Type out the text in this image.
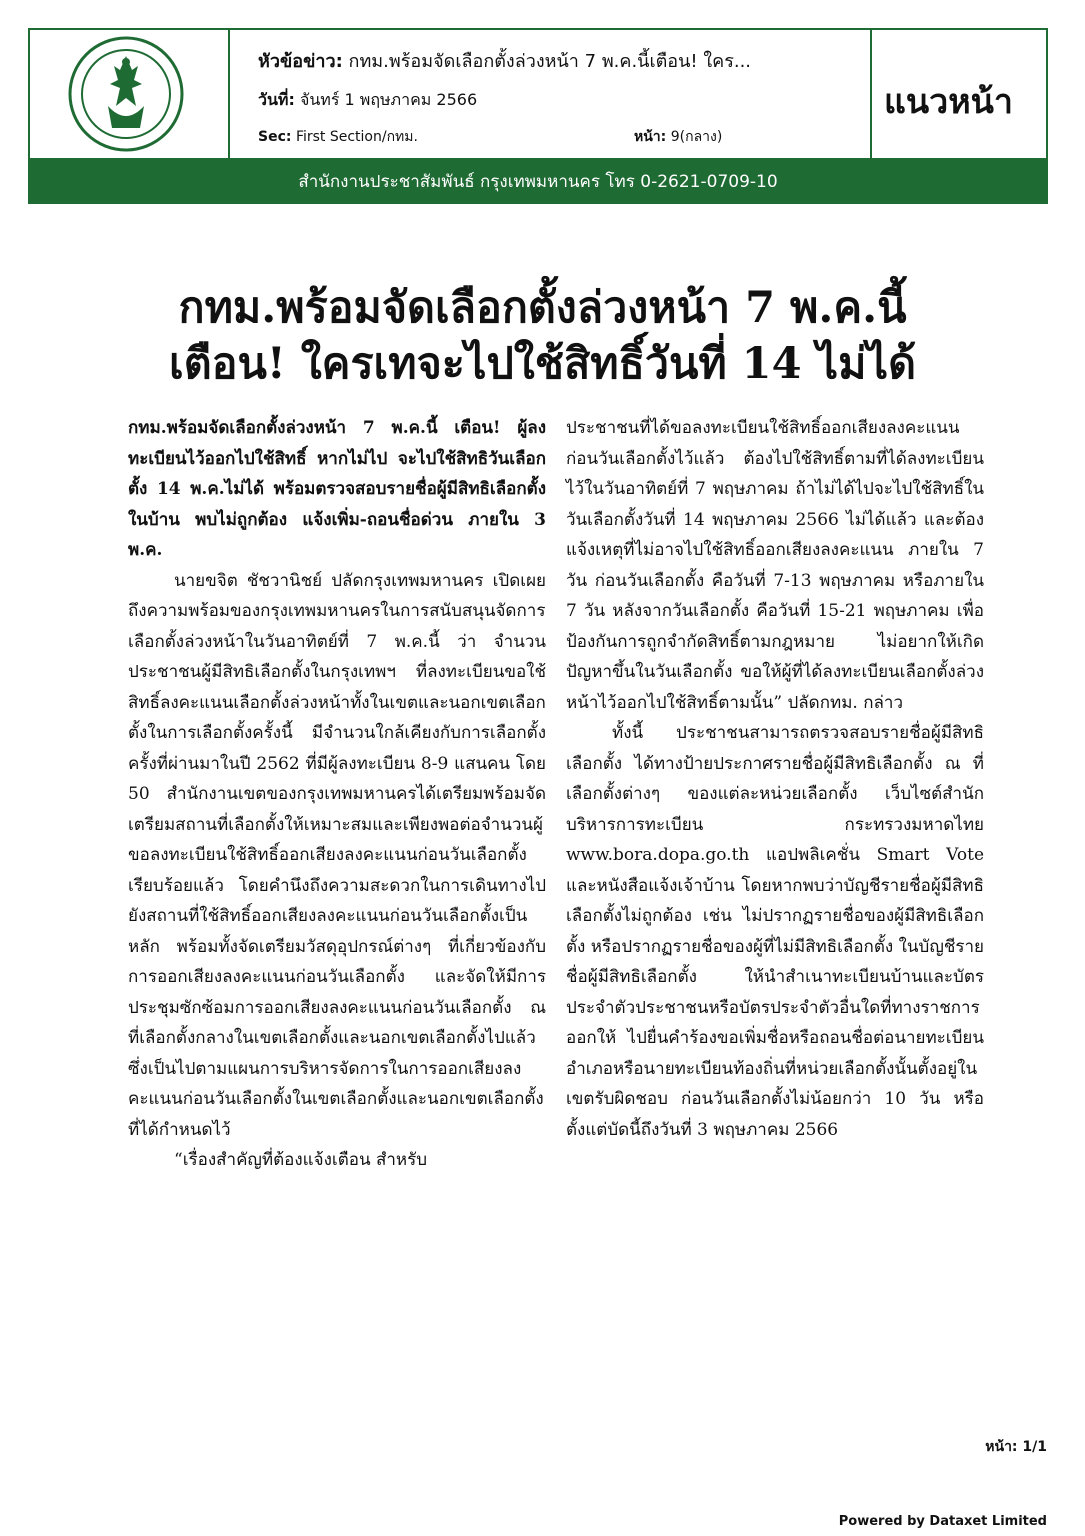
หัวข้อข่าว: กทม.พร้อมจัดเลือกตั้งล่วงหน้า 7 พ.ค.นี้เตือน! ใคร...
วันที่: จันทร์ 1 พฤษภาคม 2566
Sec: First Section/กทม.	หน้า: 9(กลาง)
แนวหน้า
สำนักงานประชาสัมพันธ์ กรุงเทพมหานคร โทร 0-2621-0709-10
กทม.พร้อมจัดเลือกตั้งล่วงหน้า 7 พ.ค.นี้
เตือน! ใครเทจะไปใช้สิทธิ์วันที่ 14 ไม่ได้

กทม.พร้อมจัดเลือกตั้งล่วงหน้า 7 พ.ค.นี้ เตือน! ผู้ลงทะเบียนไว้ออกไปใช้สิทธิ์ หากไม่ไป จะไปใช้สิทธิวันเลือกตั้ง 14 พ.ค.ไม่ได้ พร้อมตรวจสอบรายชื่อผู้มีสิทธิเลือกตั้งในบ้าน พบไม่ถูกต้อง แจ้งเพิ่ม-ถอนชื่อด่วน ภายใน 3 พ.ค.

นายขจิต ชัชวานิชย์ ปลัดกรุงเทพมหานคร เปิดเผยถึงความพร้อมของกรุงเทพมหานครในการสนับสนุนจัดการเลือกตั้งล่วงหน้าในวันอาทิตย์ที่ 7 พ.ค.นี้ ว่า จำนวนประชาชนผู้มีสิทธิเลือกตั้งในกรุงเทพฯ ที่ลงทะเบียนขอใช้สิทธิ์ลงคะแนนเลือกตั้งล่วงหน้าทั้งในเขตและนอกเขตเลือกตั้งในการเลือกตั้งครั้งนี้ มีจำนวนใกล้เคียงกับการเลือกตั้งครั้งที่ผ่านมาในปี 2562 ที่มีผู้ลงทะเบียน 8-9 แสนคน โดย 50 สำนักงานเขตของกรุงเทพมหานครได้เตรียมพร้อมจัดเตรียมสถานที่เลือกตั้งให้เหมาะสมและเพียงพอต่อจำนวนผู้ขอลงทะเบียนใช้สิทธิ์ออกเสียงลงคะแนนก่อนวันเลือกตั้งเรียบร้อยแล้ว โดยคำนึงถึงความสะดวกในการเดินทางไปยังสถานที่ใช้สิทธิ์ออกเสียงลงคะแนนก่อนวันเลือกตั้งเป็นหลัก พร้อมทั้งจัดเตรียมวัสดุอุปกรณ์ต่างๆ ที่เกี่ยวข้องกับการออกเสียงลงคะแนนก่อนวันเลือกตั้ง และจัดให้มีการประชุมซักซ้อมการออกเสียงลงคะแนนก่อนวันเลือกตั้ง ณ ที่เลือกตั้งกลางในเขตเลือกตั้งและนอกเขตเลือกตั้งไปแล้ว ซึ่งเป็นไปตามแผนการบริหารจัดการในการออกเสียงลงคะแนนก่อนวันเลือกตั้งในเขตเลือกตั้งและนอกเขตเลือกตั้งที่ได้กำหนดไว้

“เรื่องสำคัญที่ต้องแจ้งเตือน สำหรับ

ประชาชนที่ได้ขอลงทะเบียนใช้สิทธิ์ออกเสียงลงคะแนนก่อนวันเลือกตั้งไว้แล้ว ต้องไปใช้สิทธิ์ตามที่ได้ลงทะเบียนไว้ในวันอาทิตย์ที่ 7 พฤษภาคม ถ้าไม่ได้ไปจะไปใช้สิทธิ์ในวันเลือกตั้งวันที่ 14 พฤษภาคม 2566 ไม่ได้แล้ว และต้องแจ้งเหตุที่ไม่อาจไปใช้สิทธิ์ออกเสียงลงคะแนน ภายใน 7 วัน ก่อนวันเลือกตั้ง คือวันที่ 7-13 พฤษภาคม หรือภายใน 7 วัน หลังจากวันเลือกตั้ง คือวันที่ 15-21 พฤษภาคม เพื่อป้องกันการถูกจำกัดสิทธิ์ตามกฎหมาย ไม่อยากให้เกิดปัญหาขึ้นในวันเลือกตั้ง ขอให้ผู้ที่ได้ลงทะเบียนเลือกตั้งล่วงหน้าไว้ออกไปใช้สิทธิ์ตามนั้น” ปลัดกทม. กล่าว

ทั้งนี้ ประชาชนสามารถตรวจสอบรายชื่อผู้มีสิทธิเลือกตั้ง ได้ทางป้ายประกาศรายชื่อผู้มีสิทธิเลือกตั้ง ณ ที่เลือกตั้งต่างๆ ของแต่ละหน่วยเลือกตั้ง เว็บไซต์สำนักบริหารการทะเบียน กระทรวงมหาดไทย www.bora.dopa.go.th แอปพลิเคชั่น Smart Vote และหนังสือแจ้งเจ้าบ้าน โดยหากพบว่าบัญชีรายชื่อผู้มีสิทธิเลือกตั้งไม่ถูกต้อง เช่น ไม่ปรากฏรายชื่อของผู้มีสิทธิเลือกตั้ง หรือปรากฏรายชื่อของผู้ที่ไม่มีสิทธิเลือกตั้ง ในบัญชีรายชื่อผู้มีสิทธิเลือกตั้ง ให้นำสำเนาทะเบียนบ้านและบัตรประจำตัวประชาชนหรือบัตรประจำตัวอื่นใดที่ทางราชการออกให้ ไปยื่นคำร้องขอเพิ่มชื่อหรือถอนชื่อต่อนายทะเบียนอำเภอหรือนายทะเบียนท้องถิ่นที่หน่วยเลือกตั้งนั้นตั้งอยู่ในเขตรับผิดชอบ ก่อนวันเลือกตั้งไม่น้อยกว่า 10 วัน หรือตั้งแต่บัดนี้ถึงวันที่ 3 พฤษภาคม 2566

หน้า: 1/1
Powered by Dataxet Limited
